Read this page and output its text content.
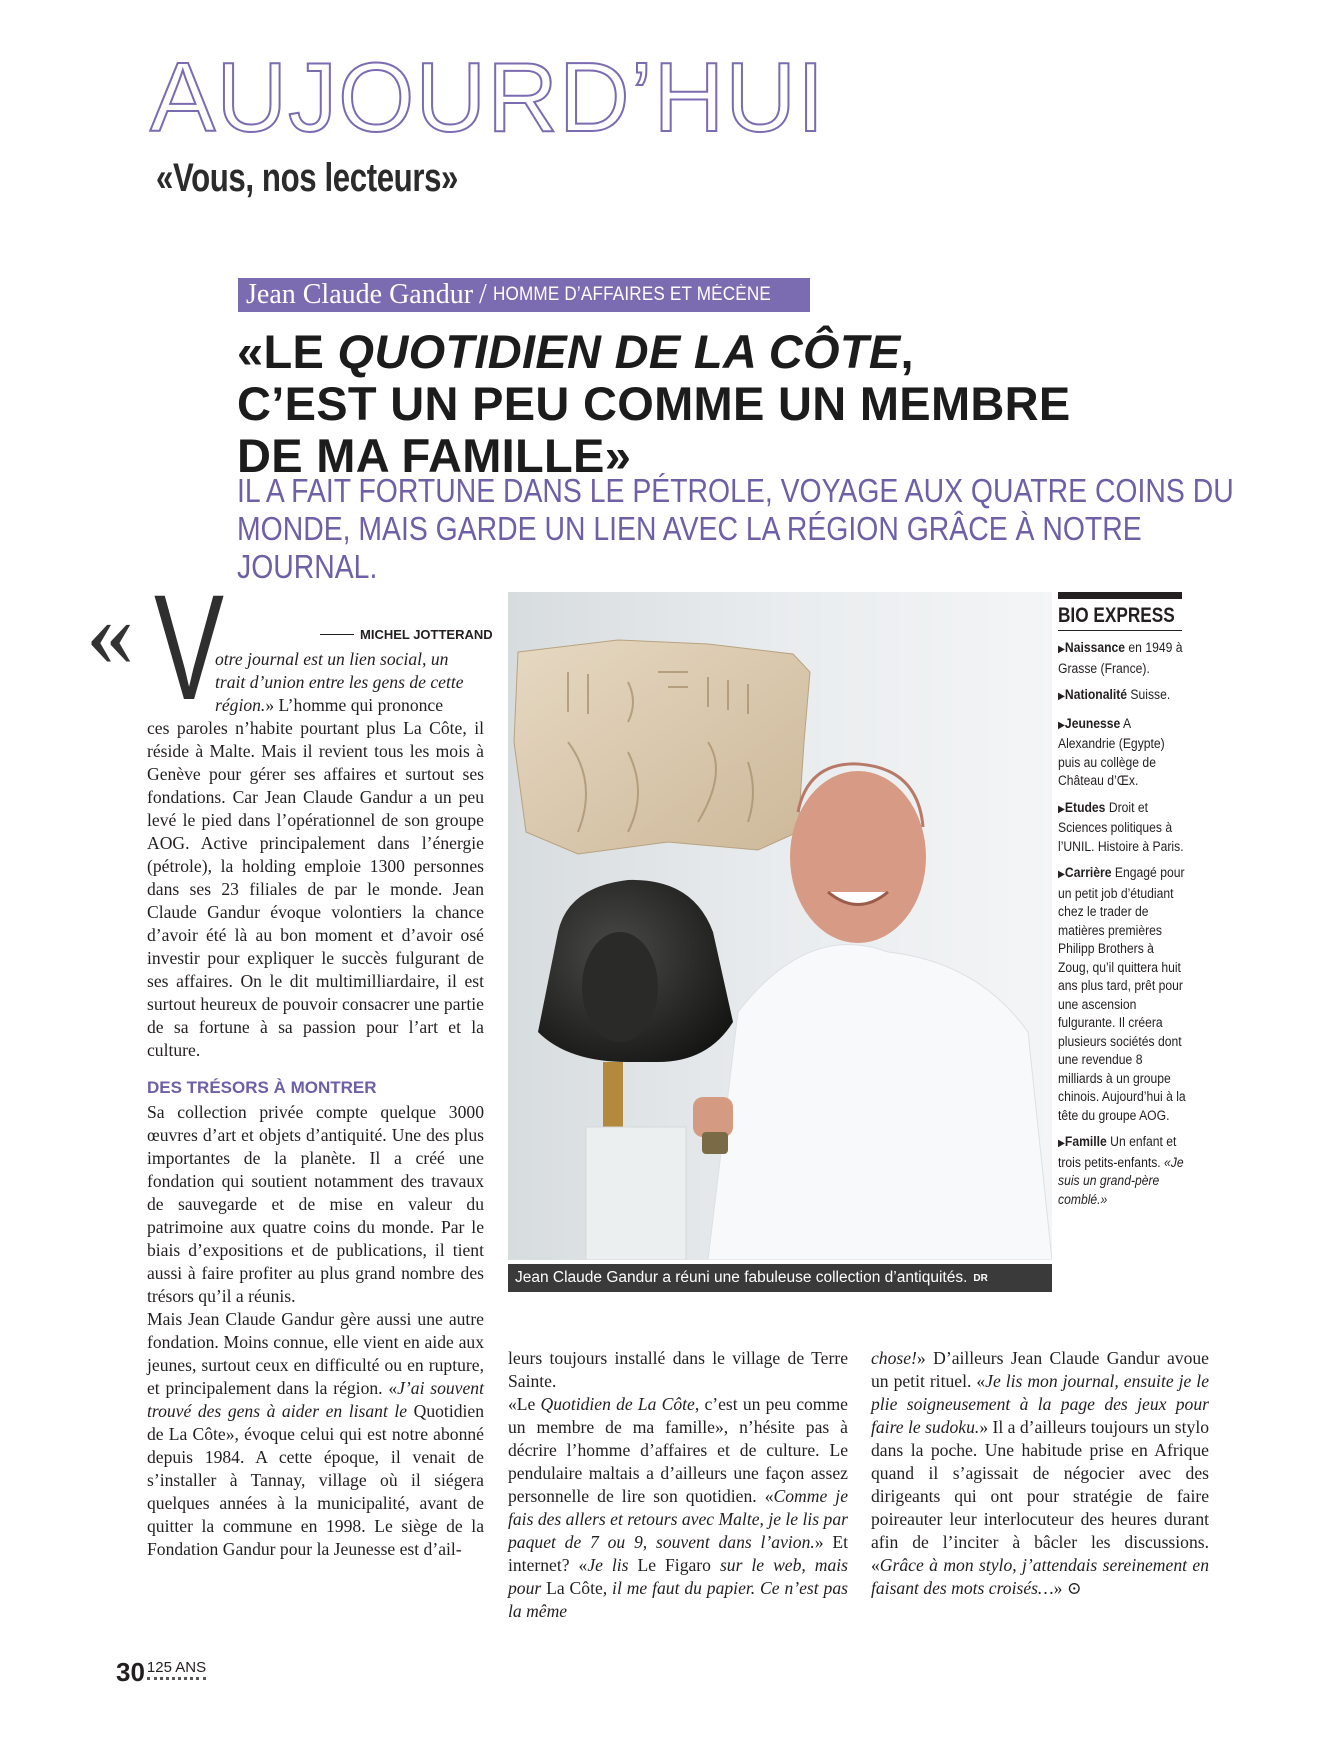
AUJOURD’HUI
«Vous, nos lecteurs»
Jean Claude Gandur / HOMME D’AFFAIRES ET MÉCÈNE
«LE QUOTIDIEN DE LA CÔTE,
C’EST UN PEU COMME UN MEMBRE
DE MA FAMILLE»
IL A FAIT FORTUNE DANS LE PÉTROLE, VOYAGE AUX QUATRE COINS DU
MONDE, MAIS GARDE UN LIEN AVEC LA RÉGION GRÂCE À NOTRE JOURNAL.
« V	MICHEL JOTTERAND
otre journal est un lien social, un
trait d’union entre les gens de cette
région.» L’homme qui prononce

ces paroles n’habite pourtant plus La Côte, il réside à Malte. Mais il revient tous les mois à Genève pour gérer ses affaires et surtout ses fondations. Car Jean Claude Gandur a un peu levé le pied dans l’opérationnel de son groupe AOG. Active principalement dans l’énergie (pétrole), la holding emploie 1300 personnes dans ses 23 filiales de par le monde. Jean Claude Gandur évoque volontiers la chance d’avoir été là au bon moment et d’avoir osé investir pour expliquer le succès fulgurant de ses affaires. On le dit multimilliardaire, il est surtout heureux de pouvoir consacrer une partie de sa fortune à sa passion pour l’art et la culture.

DES TRÉSORS À MONTRER

Sa collection privée compte quelque 3000 œuvres d’art et objets d’antiquité. Une des plus importantes de la planète. Il a créé une fondation qui soutient notamment des travaux de sauvegarde et de mise en valeur du patrimoine aux quatre coins du monde. Par le biais d’expositions et de publications, il tient aussi à faire profiter au plus grand nombre des trésors qu’il a réunis.

Mais Jean Claude Gandur gère aussi une autre fondation. Moins connue, elle vient en aide aux jeunes, surtout ceux en difficulté ou en rupture, et principalement dans la région. «J’ai souvent trouvé des gens à aider en lisant le Quotidien de La Côte», évoque celui qui est notre abonné depuis 1984. A cette époque, il venait de s’installer à Tannay, village où il siégera quelques années à la municipalité, avant de quitter la commune en 1998. Le siège de la Fondation Gandur pour la Jeunesse est d’ail-

Jean Claude Gandur a réuni une fabuleuse collection d’antiquités. DR
BIO EXPRESS
▶Naissance en 1949 à Grasse (France).
▶Nationalité Suisse.
▶Jeunesse A Alexandrie (Egypte) puis au collège de Château d’Œx.
▶Etudes Droit et Sciences politiques à l’UNIL. Histoire à Paris.
▶Carrière Engagé pour un petit job d’étudiant chez le trader de matières premières Philipp Brothers à Zoug, qu’il quittera huit ans plus tard, prêt pour une ascension fulgurante. Il créera plusieurs sociétés dont une revendue 8 milliards à un groupe chinois. Aujourd’hui à la tête du groupe AOG.
▶Famille Un enfant et trois petits-enfants. «Je suis un grand-père comblé.»

leurs toujours installé dans le village de Terre Sainte.

«Le Quotidien de La Côte, c’est un peu comme un membre de ma famille», n’hésite pas à décrire l’homme d’affaires et de culture. Le pendulaire maltais a d’ailleurs une façon assez personnelle de lire son quotidien. «Comme je fais des allers et retours avec Malte, je le lis par paquet de 7 ou 9, souvent dans l’avion.» Et internet? «Je lis Le Figaro sur le web, mais pour La Côte, il me faut du papier. Ce n’est pas la même

chose!» D’ailleurs Jean Claude Gandur avoue un petit rituel. «Je lis mon journal, ensuite je le plie soigneusement à la page des jeux pour faire le sudoku.» Il a d’ailleurs toujours un stylo dans la poche. Une habitude prise en Afrique quand il s’agissait de négocier avec des dirigeants qui ont pour stratégie de faire poireauter leur interlocuteur des heures durant afin de l’inciter à bâcler les discussions. «Grâce à mon stylo, j’attendais sereinement en faisant des mots croisés…» ⊙

30 125 ANS
